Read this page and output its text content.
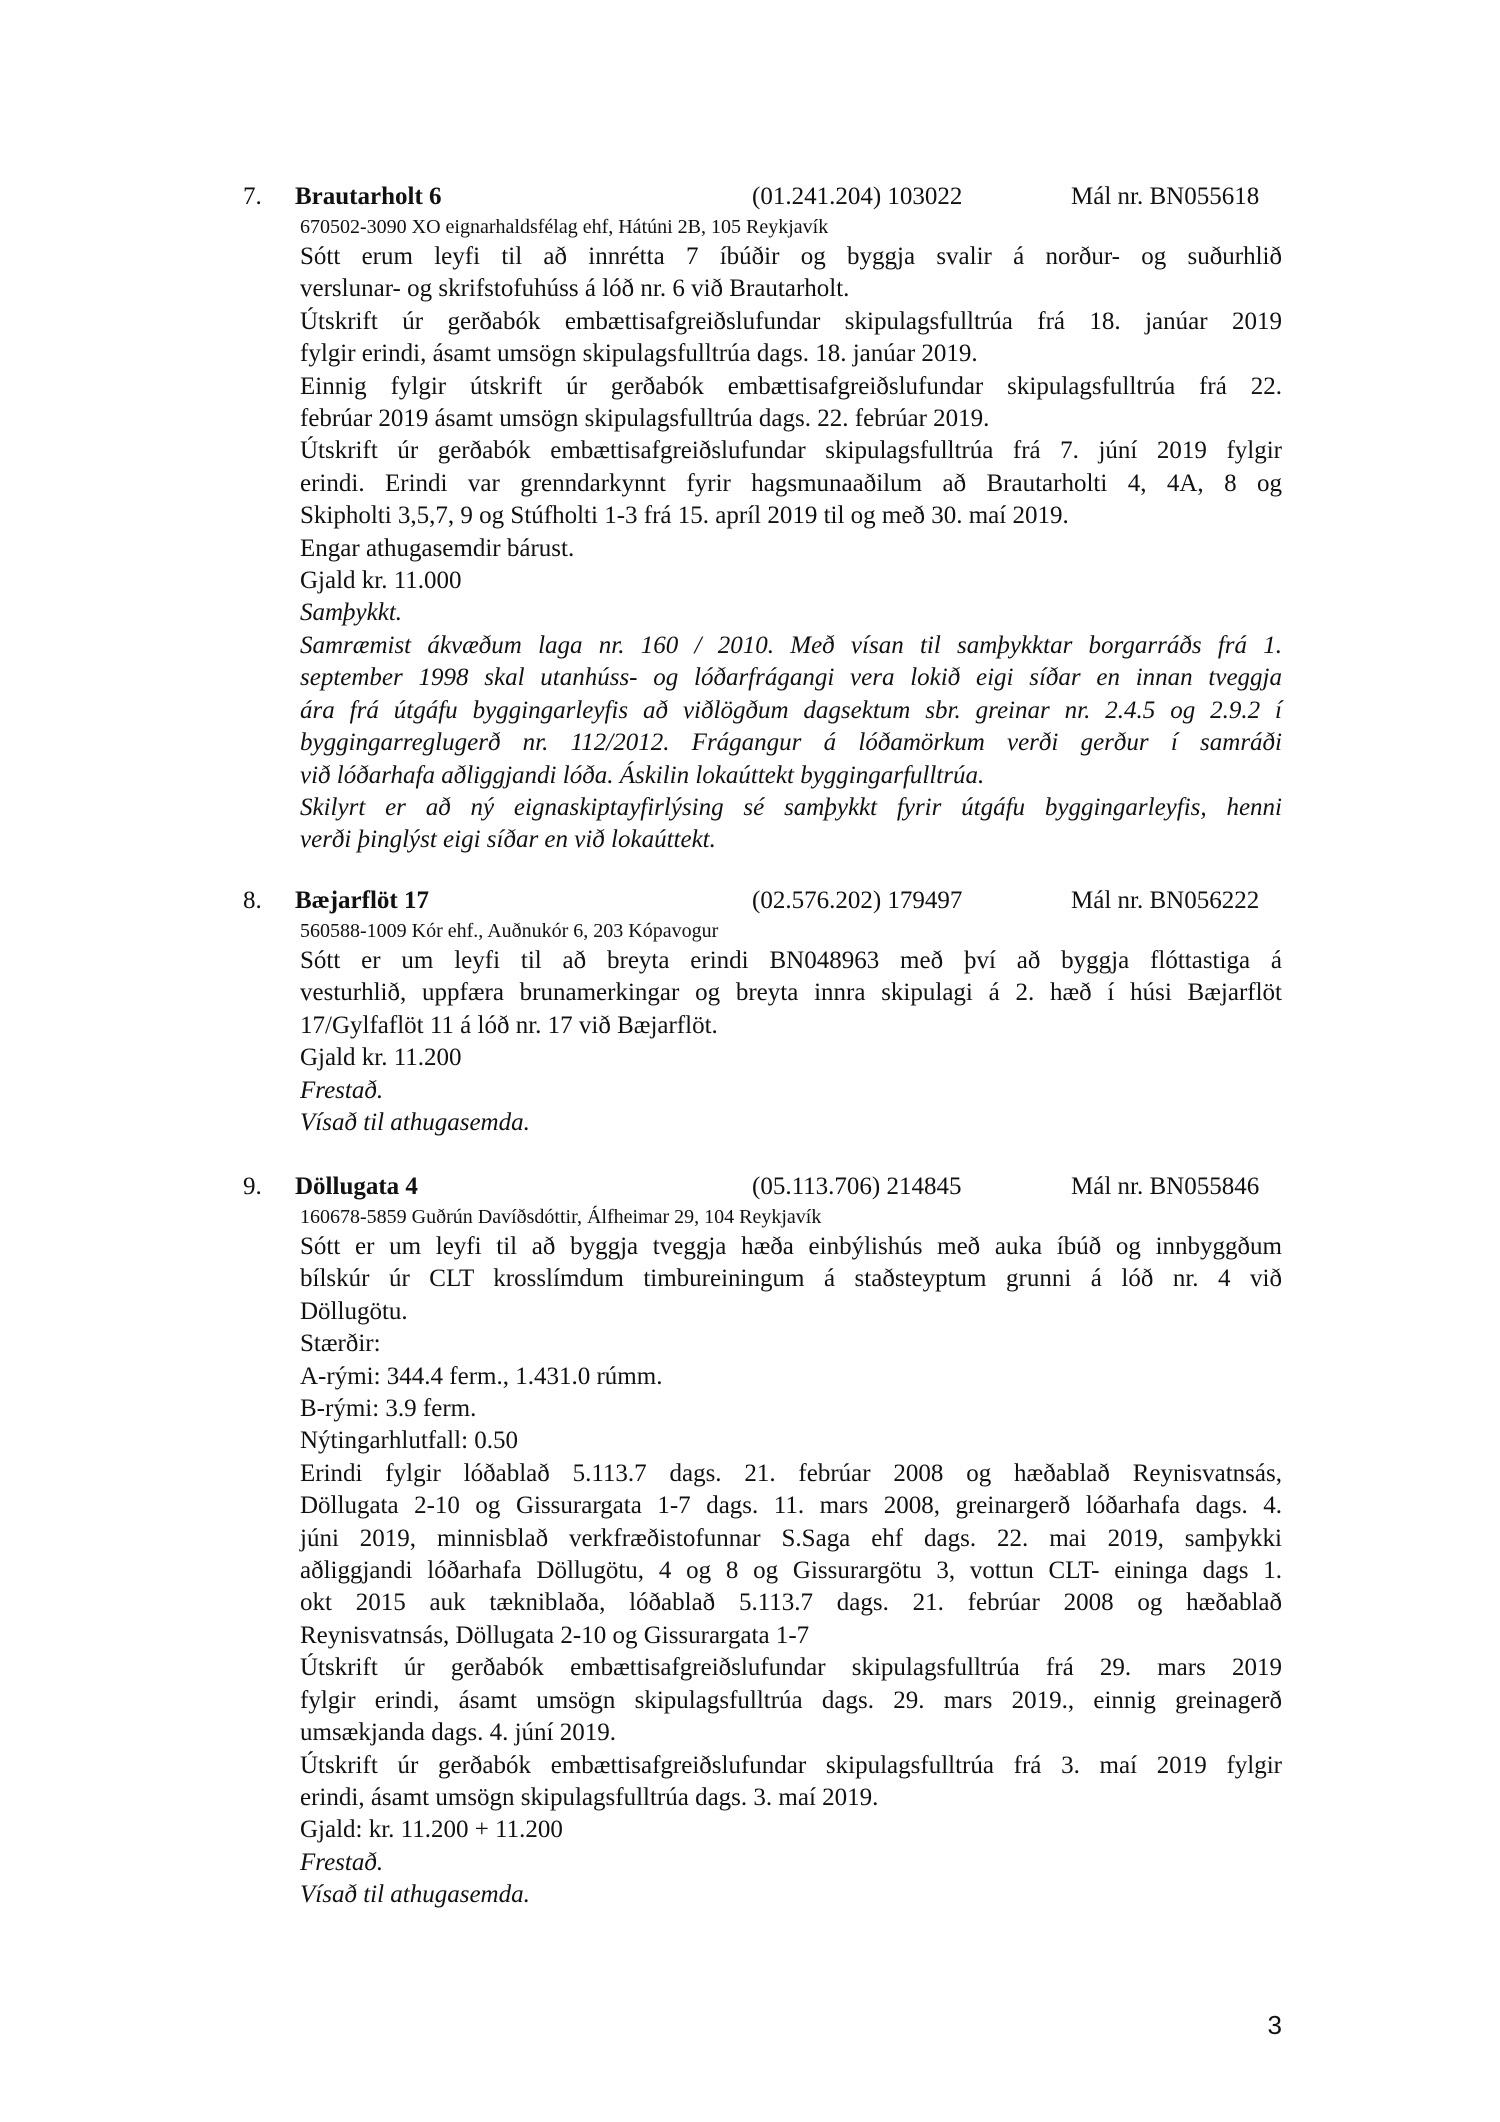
7. Brautarholt 6	(01.241.204) 103022	Mál nr. BN055618
670502-3090 XO eignarhaldsfélag ehf, Hátúni 2B, 105 Reykjavík
Sótt erum leyfi til að innrétta 7 íbúðir og byggja svalir á norður- og suðurhlið
verslunar- og skrifstofuhúss á lóð nr. 6 við Brautarholt.
Útskrift úr gerðabók embættisafgreiðslufundar skipulagsfulltrúa frá 18. janúar 2019
fylgir erindi, ásamt umsögn skipulagsfulltrúa dags. 18. janúar 2019.
Einnig fylgir útskrift úr gerðabók embættisafgreiðslufundar skipulagsfulltrúa frá 22.
febrúar 2019 ásamt umsögn skipulagsfulltrúa dags. 22. febrúar 2019.
Útskrift úr gerðabók embættisafgreiðslufundar skipulagsfulltrúa frá 7. júní 2019 fylgir
erindi. Erindi var grenndarkynnt fyrir hagsmunaaðilum að Brautarholti 4, 4A, 8 og
Skipholti 3,5,7, 9 og Stúfholti 1-3 frá 15. apríl 2019 til og með 30. maí 2019.
Engar athugasemdir bárust.
Gjald kr. 11.000
Samþykkt.
Samræmist ákvæðum laga nr. 160 / 2010. Með vísan til samþykktar borgarráðs frá 1.
september 1998 skal utanhúss- og lóðarfrágangi vera lokið eigi síðar en innan tveggja
ára frá útgáfu byggingarleyfis að viðlögðum dagsektum sbr. greinar nr. 2.4.5 og 2.9.2 í
byggingarreglugerð nr. 112/2012. Frágangur á lóðamörkum verði gerður í samráði
við lóðarhafa aðliggjandi lóða. Áskilin lokaúttekt byggingarfulltrúa.
Skilyrt er að ný eignaskiptayfirlýsing sé samþykkt fyrir útgáfu byggingarleyfis, henni
verði þinglýst eigi síðar en við lokaúttekt.
8. Bæjarflöt 17	(02.576.202) 179497	Mál nr. BN056222
560588-1009 Kór ehf., Auðnukór 6, 203 Kópavogur
Sótt er um leyfi til að breyta erindi BN048963 með því að byggja flóttastiga á
vesturhlið, uppfæra brunamerkingar og breyta innra skipulagi á 2. hæð í húsi Bæjarflöt
17/Gylfaflöt 11 á lóð nr. 17 við Bæjarflöt.
Gjald kr. 11.200
Frestað.
Vísað til athugasemda.
9. Döllugata 4	(05.113.706) 214845	Mál nr. BN055846
160678-5859 Guðrún Davíðsdóttir, Álfheimar 29, 104 Reykjavík
Sótt er um leyfi til að byggja tveggja hæða einbýlishús með auka íbúð og innbyggðum
bílskúr úr CLT krosslímdum timbureiningum á staðsteyptum grunni á lóð nr. 4 við
Döllugötu.
Stærðir:
A-rými: 344.4 ferm., 1.431.0 rúmm.
B-rými: 3.9 ferm.
Nýtingarhlutfall: 0.50
Erindi fylgir lóðablað 5.113.7 dags. 21. febrúar 2008 og hæðablað Reynisvatnsás,
Döllugata 2-10 og Gissurargata 1-7 dags. 11. mars 2008, greinargerð lóðarhafa dags. 4.
júni 2019, minnisblað verkfræðistofunnar S.Saga ehf dags. 22. mai 2019, samþykki
aðliggjandi lóðarhafa Döllugötu, 4 og 8 og Gissurargötu 3, vottun CLT- eininga dags 1.
okt 2015 auk tækniblaða, lóðablað 5.113.7 dags. 21. febrúar 2008 og hæðablað
Reynisvatnsás, Döllugata 2-10 og Gissurargata 1-7
Útskrift úr gerðabók embættisafgreiðslufundar skipulagsfulltrúa frá 29. mars 2019
fylgir erindi, ásamt umsögn skipulagsfulltrúa dags. 29. mars 2019., einnig greinagerð
umsækjanda dags. 4. júní 2019.
Útskrift úr gerðabók embættisafgreiðslufundar skipulagsfulltrúa frá 3. maí 2019 fylgir
erindi, ásamt umsögn skipulagsfulltrúa dags. 3. maí 2019.
Gjald: kr. 11.200 + 11.200
Frestað.
Vísað til athugasemda.
3
